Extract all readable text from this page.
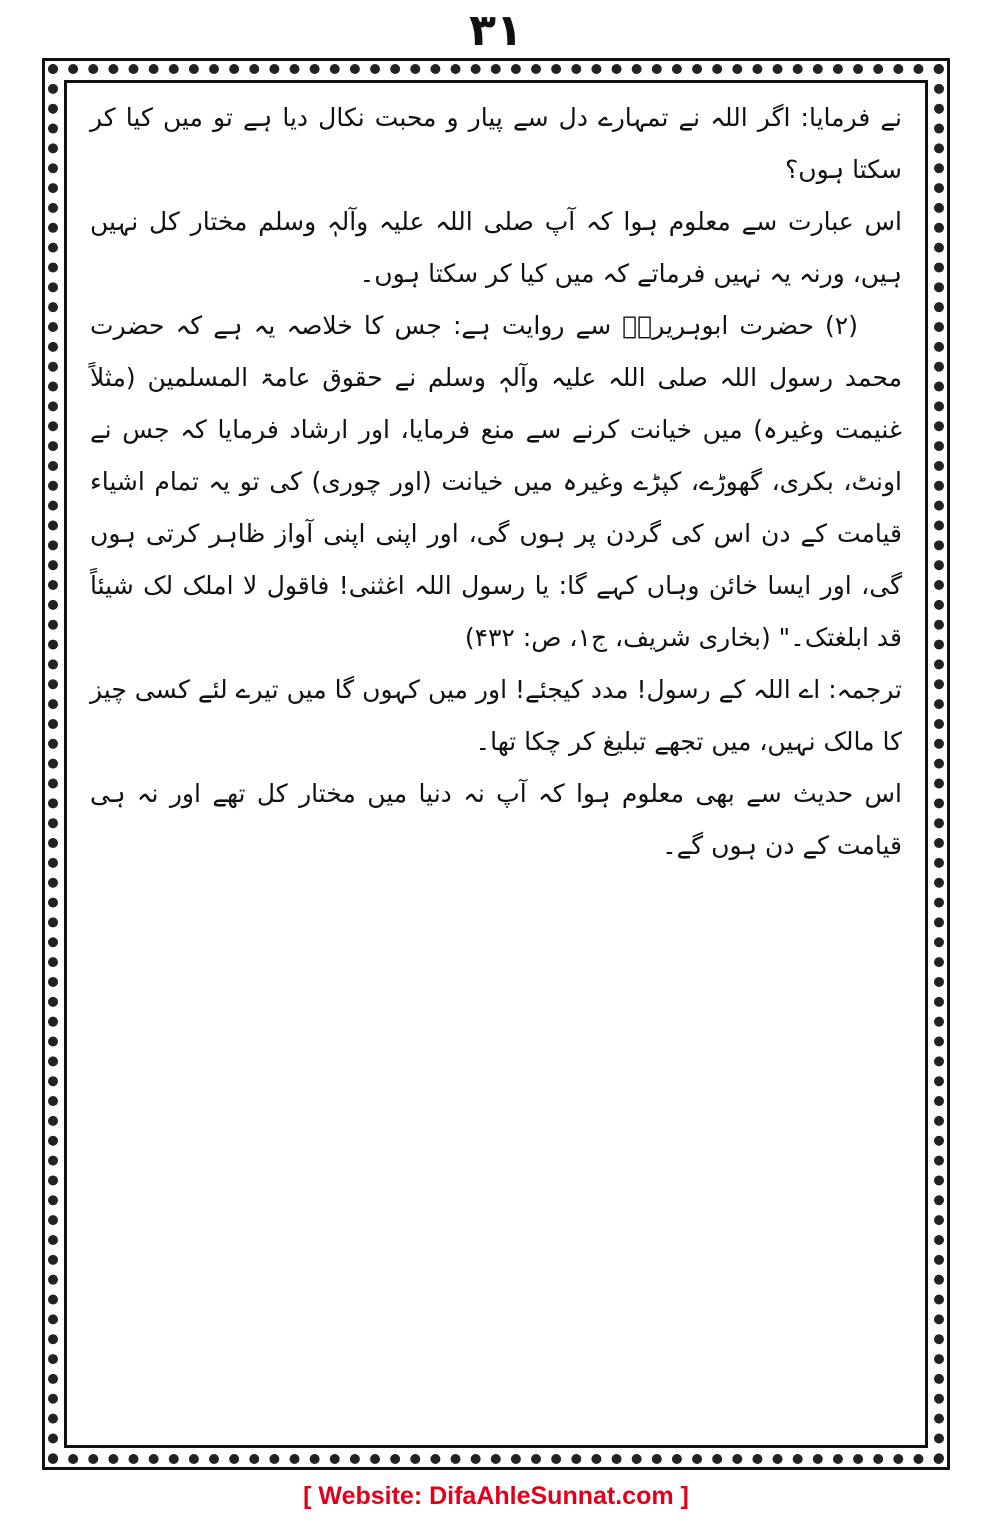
۳۱

نے فرمایا: اگر اللہ نے تمہارے دل سے پیار و محبت نکال دیا ہے تو میں کیا کر سکتا ہوں؟

اس عبارت سے معلوم ہوا کہ آپ صلی اللہ علیہ وآلہٖ وسلم مختار کل نہیں ہیں، ورنہ یہ نہیں فرماتے کہ میں کیا کر سکتا ہوں۔

(۲) حضرت ابوہریرہؓ سے روایت ہے: جس کا خلاصہ یہ ہے کہ حضرت محمد رسول اللہ صلی اللہ علیہ وآلہٖ وسلم نے حقوق عامۃ المسلمین (مثلاً غنیمت وغیرہ) میں خیانت کرنے سے منع فرمایا، اور ارشاد فرمایا کہ جس نے اونٹ، بکری، گھوڑے، کپڑے وغیرہ میں خیانت (اور چوری) کی تو یہ تمام اشیاء قیامت کے دن اس کی گردن پر ہوں گی، اور اپنی اپنی آواز ظاہر کرتی ہوں گی، اور ایسا خائن وہاں کہے گا: یا رسول اللہ اغثنی! فاقول لا املک لک شیئاً قد ابلغتک۔" (بخاری شریف، ج۱، ص: ۴۳۲)

ترجمہ: اے اللہ کے رسول! مدد کیجئے! اور میں کہوں گا میں تیرے لئے کسی چیز کا مالک نہیں، میں تجھے تبلیغ کر چکا تھا۔

اس حدیث سے بھی معلوم ہوا کہ آپ نہ دنیا میں مختار کل تھے اور نہ ہی قیامت کے دن ہوں گے۔

[ Website: DifaAhleSunnat.com ]
